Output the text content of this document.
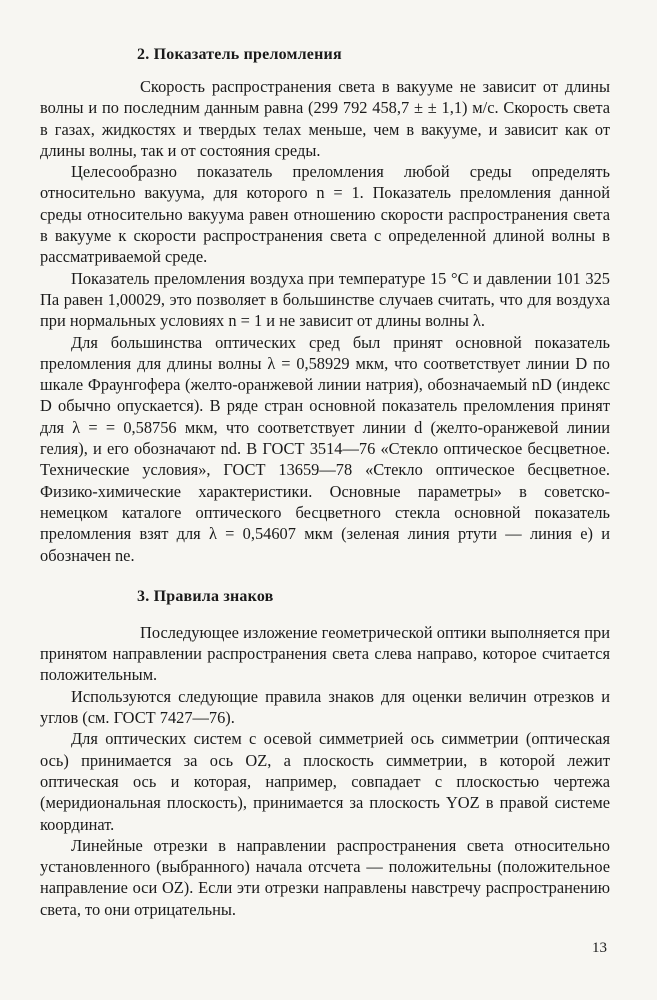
2. Показатель преломления

Скорость распространения света в вакууме не зависит от длины волны и по последним данным равна (299 792 458,7 ± ± 1,1) м/с. Скорость света в газах, жидкостях и твердых телах меньше, чем в вакууме, и зависит как от длины волны, так и от состояния среды.

Целесообразно показатель преломления любой среды определять относительно вакуума, для которого n = 1. Показатель преломления данной среды относительно вакуума равен отношению скорости распространения света в вакууме к скорости распространения света с определенной длиной волны в рассматриваемой среде.

Показатель преломления воздуха при температуре 15 °С и давлении 101 325 Па равен 1,00029, это позволяет в большинстве случаев считать, что для воздуха при нормальных условиях n = 1 и не зависит от длины волны λ.

Для большинства оптических сред был принят основной показатель преломления для длины волны λ = 0,58929 мкм, что соответствует линии D по шкале Фраунгофера (желто-оранжевой линии натрия), обозначаемый nD (индекс D обычно опускается). В ряде стран основной показатель преломления принят для λ = = 0,58756 мкм, что соответствует линии d (желто-оранжевой линии гелия), и его обозначают nd. В ГОСТ 3514—76 «Стекло оптическое бесцветное. Технические условия», ГОСТ 13659—78 «Стекло оптическое бесцветное. Физико-химические характеристики. Основные параметры» в советско-немецком каталоге оптического бесцветного стекла основной показатель преломления взят для λ = 0,54607 мкм (зеленая линия ртути — линия e) и обозначен ne.

3. Правила знаков

Последующее изложение геометрической оптики выполняется при принятом направлении распространения света слева направо, которое считается положительным.

Используются следующие правила знаков для оценки величин отрезков и углов (см. ГОСТ 7427—76).

Для оптических систем с осевой симметрией ось симметрии (оптическая ось) принимается за ось OZ, а плоскость симметрии, в которой лежит оптическая ось и которая, например, совпадает с плоскостью чертежа (меридиональная плоскость), принимается за плоскость YOZ в правой системе координат.

Линейные отрезки в направлении распространения света относительно установленного (выбранного) начала отсчета — положительны (положительное направление оси OZ). Если эти отрезки направлены навстречу распространению света, то они отрицательны.

13
